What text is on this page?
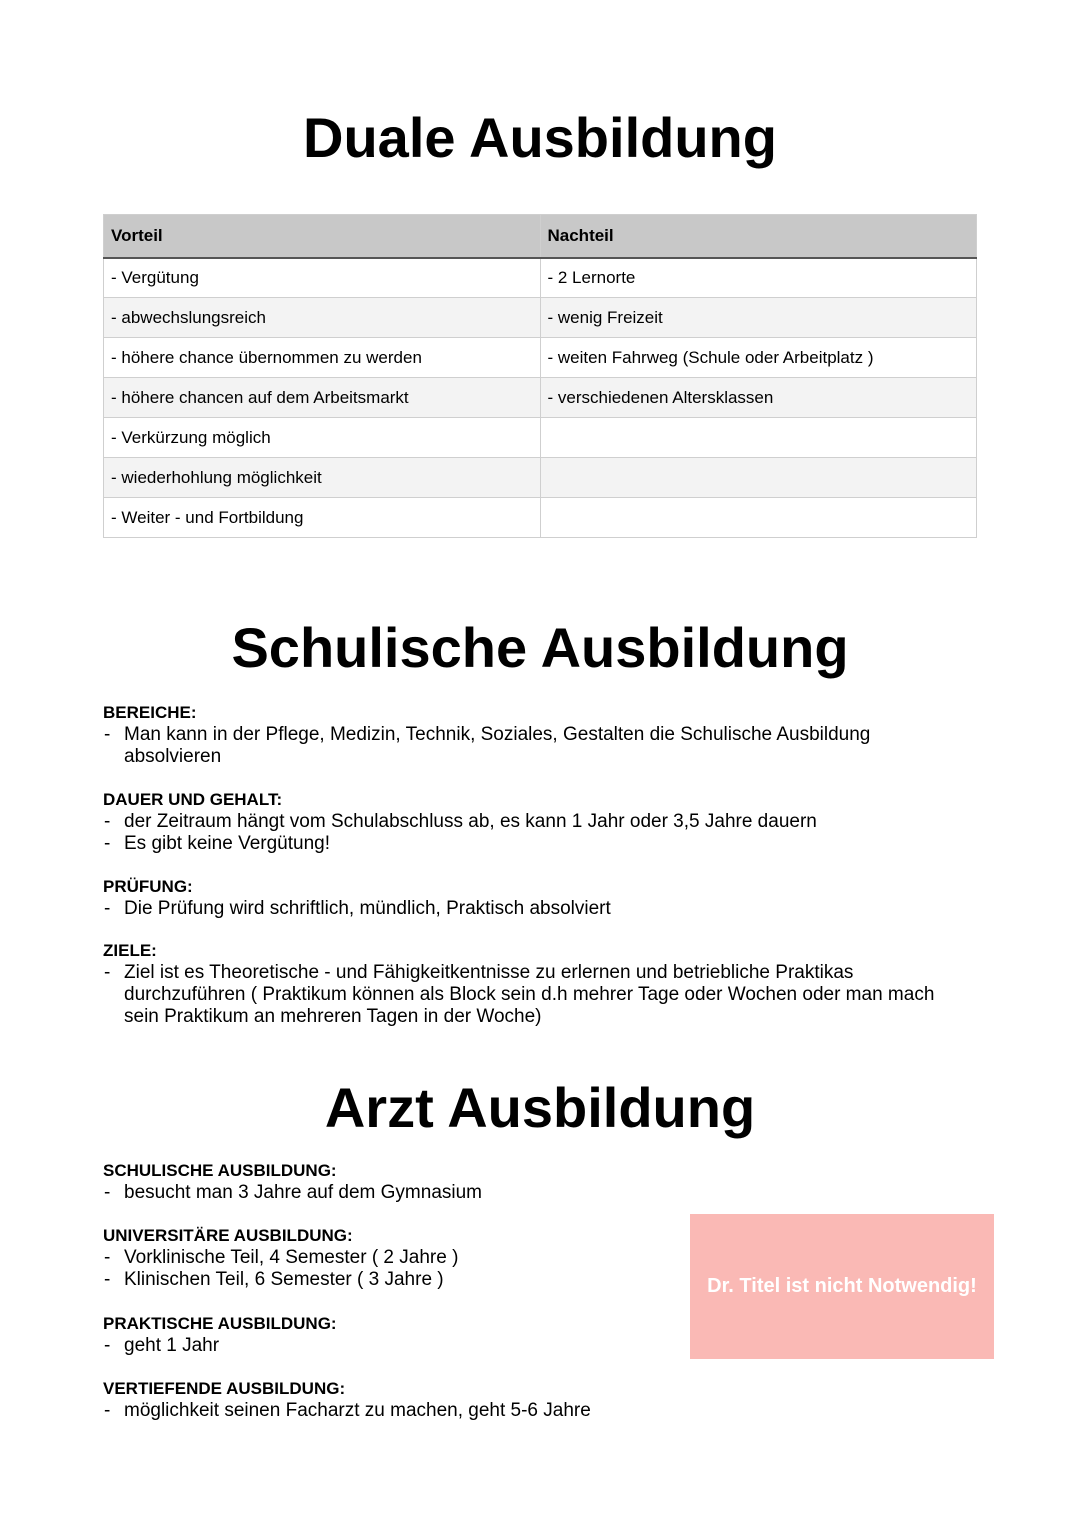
Duale Ausbildung
Vorteil	Nachteil
- Vergütung	- 2 Lernorte
- abwechslungsreich	- wenig Freizeit
- höhere chance übernommen zu werden	- weiten Fahrweg (Schule oder Arbeitplatz )
- höhere chancen auf dem Arbeitsmarkt	- verschiedenen Altersklassen
- Verkürzung möglich	
- wiederhohlung möglichkeit	
- Weiter - und Fortbildung	
Schulische Ausbildung
BEREICHE:
- Man kann in der Pflege, Medizin, Technik, Soziales, Gestalten die Schulische Ausbildung absolvieren
DAUER UND GEHALT:
- der Zeitraum hängt vom Schulabschluss ab, es kann 1 Jahr oder 3,5 Jahre dauern
- Es gibt keine Vergütung!
PRÜFUNG:
- Die Prüfung wird schriftlich, mündlich, Praktisch absolviert
ZIELE:
- Ziel ist es Theoretische - und Fähigkeitkentnisse zu erlernen und betriebliche Praktikas durchzuführen ( Praktikum können als Block sein d.h mehrer Tage oder Wochen oder man mach sein Praktikum an mehreren Tagen in der Woche)
Arzt Ausbildung
SCHULISCHE AUSBILDUNG:
- besucht man 3 Jahre auf dem Gymnasium
UNIVERSITÄRE AUSBILDUNG:
- Vorklinische Teil, 4 Semester ( 2 Jahre )
- Klinischen Teil, 6 Semester ( 3 Jahre )
PRAKTISCHE AUSBILDUNG:
- geht 1 Jahr
VERTIEFENDE AUSBILDUNG:
- möglichkeit seinen Facharzt zu machen, geht 5-6 Jahre
Dr. Titel ist nicht Notwendig!
